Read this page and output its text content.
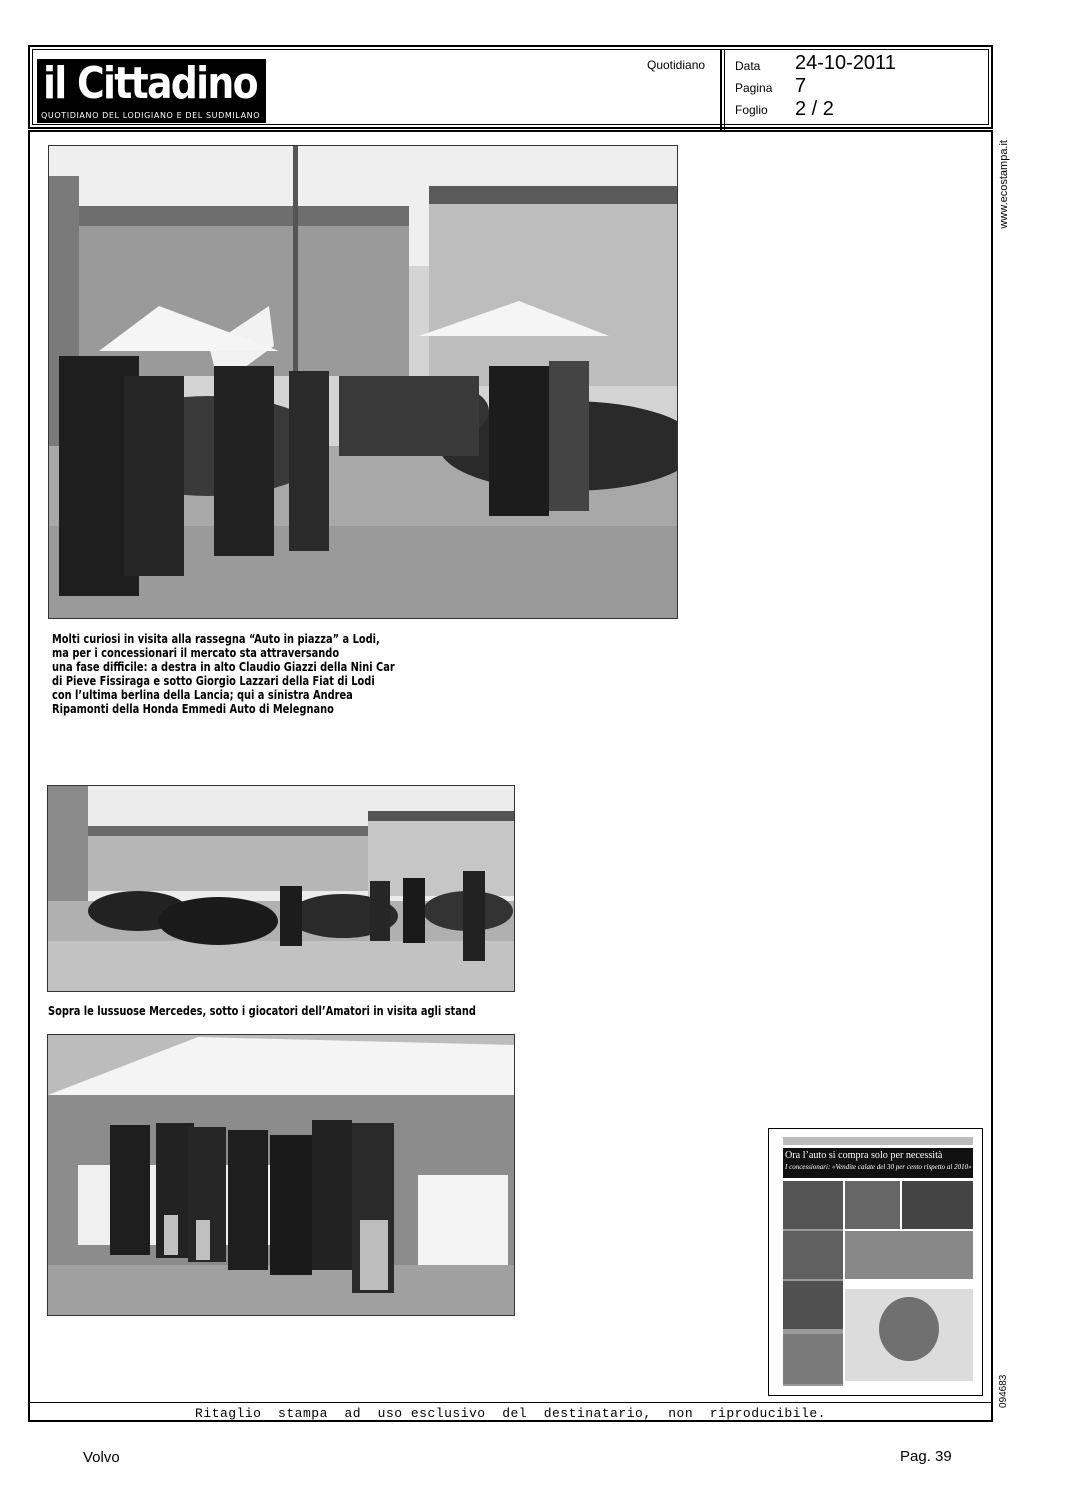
il Cittadino
QUOTIDIANO DEL LODIGIANO E DEL SUDMILANO
Quotidiano Data 24-10-2011
Pagina 7
Foglio 2 / 2
www.ecostampa.it
094683
Ritaglio  stampa  ad  uso esclusivo  del  destinatario,  non  riproducibile.
Molti curiosi in visita alla rassegna “Auto in piazza” a Lodi,
ma per i concessionari il mercato sta attraversando
una fase difficile: a destra in alto Claudio Giazzi della Nini Car
di Pieve Fissiraga e sotto Giorgio Lazzari della Fiat di Lodi
con l’ultima berlina della Lancia; qui a sinistra Andrea
Ripamonti della Honda Emmedi Auto di Melegnano
Sopra le lussuose Mercedes, sotto i giocatori dell’Amatori in visita agli stand
Ora l’auto si compra solo per necessità
I concessionari: «Vendite calate del 30 per cento rispetto al 2010»
Volvo	Pag. 39
